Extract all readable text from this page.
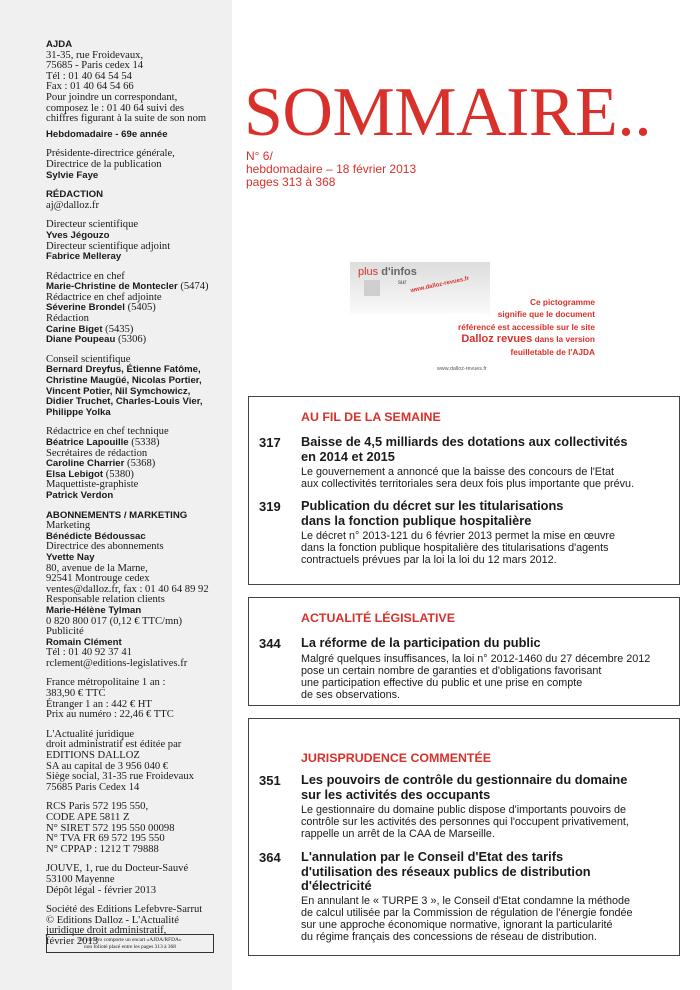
AJDA

31-35, rue Froidevaux,

75685 - Paris cedex 14

Tél : 01 40 64 54 54

Fax : 01 40 64 54 66

Pour joindre un correspondant,

composez le : 01 40 64 suivi des

chiffres figurant à la suite de son nom

Hebdomadaire - 69e année

Présidente-directrice générale,

Directrice de la publication

Sylvie Faye

RÉDACTION

aj@dalloz.fr

Directeur scientifique

Yves Jégouzo

Directeur scientifique adjoint

Fabrice Melleray

Rédactrice en chef

Marie-Christine de Montecler (5474)

Rédactrice en chef adjointe

Séverine Brondel (5405)

Rédaction

Carine Biget (5435)

Diane Poupeau (5306)

Conseil scientifique

Bernard Dreyfus, Étienne Fatôme,

Christine Maugüé, Nicolas Portier,

Vincent Potier, Nil Symchowicz,

Didier Truchet, Charles-Louis Vier,

Philippe Yolka

Rédactrice en chef technique

Béatrice Lapouille (5338)

Secrétaires de rédaction

Caroline Charrier (5368)

Elsa Lebigot (5380)

Maquettiste-graphiste

Patrick Verdon

ABONNEMENTS / MARKETING

Marketing

Bénédicte Bédoussac

Directrice des abonnements

Yvette Nay

80, avenue de la Marne,

92541 Montrouge cedex

ventes@dalloz.fr, fax : 01 40 64 89 92

Responsable relation clients

Marie-Hélène Tylman

0 820 800 017 (0,12 € TTC/mn)

Publicité

Romain Clément

Tél : 01 40 92 37 41

rclement@editions-legislatives.fr

France métropolitaine 1 an :

383,90 € TTC

Étranger 1 an : 442 € HT

Prix au numéro : 22,46 € TTC

L'Actualité juridique

droit administratif est éditée par

EDITIONS DALLOZ

SA au capital de 3 956 040 €

Siège social, 31-35 rue Froidevaux

75685 Paris Cedex 14

RCS Paris 572 195 550,

CODE APE 5811 Z

N° SIRET 572 195 550 00098

N° TVA FR 69 572 195 550

N° CPPAP : 1212 T 79888

JOUVE, 1, rue du Docteur-Sauvé

53100 Mayenne

Dépôt légal - février 2013

Société des Editions Lefebvre-Sarrut

© Editions Dalloz - L'Actualité

juridique droit administratif,

février 2013

Ce numéro comporte un encart «AJDA/RFDA»
non folioté placé entre les pages 313 à 368
SOMMAIRE..

N° 6/

hebdomadaire – 18 février 2013

pages 313 à 368

plus d'infos
sur www.dalloz-revues.fr

Ce pictogramme

signifie que le document

référencé est accessible sur le site

Dalloz revues dans la version

feuilletable de l'AJDA

www.dalloz-revues.fr
AU FIL DE LA SEMAINE
317 Baisse de 4,5 milliards des dotations aux collectivités
en 2014 et 2015
Le gouvernement a annoncé que la baisse des concours de l'Etat
aux collectivités territoriales sera deux fois plus importante que prévu.
319 Publication du décret sur les titularisations
dans la fonction publique hospitalière
Le décret n° 2013-121 du 6 février 2013 permet la mise en œuvre
dans la fonction publique hospitalière des titularisations d'agents
contractuels prévues par la loi la loi du 12 mars 2012.
ACTUALITÉ LÉGISLATIVE
344 La réforme de la participation du public
Malgré quelques insuffisances, la loi n° 2012-1460 du 27 décembre 2012
pose un certain nombre de garanties et d'obligations favorisant
une participation effective du public et une prise en compte
de ses observations.
JURISPRUDENCE COMMENTÉE
351 Les pouvoirs de contrôle du gestionnaire du domaine
sur les activités des occupants
Le gestionnaire du domaine public dispose d'importants pouvoirs de
contrôle sur les activités des personnes qui l'occupent privativement,
rappelle un arrêt de la CAA de Marseille.
364 L'annulation par le Conseil d'Etat des tarifs
d'utilisation des réseaux publics de distribution
d'électricité
En annulant le « TURPE 3 », le Conseil d'Etat condamne la méthode
de calcul utilisée par la Commission de régulation de l'énergie fondée
sur une approche économique normative, ignorant la particularité
du régime français des concessions de réseau de distribution.
